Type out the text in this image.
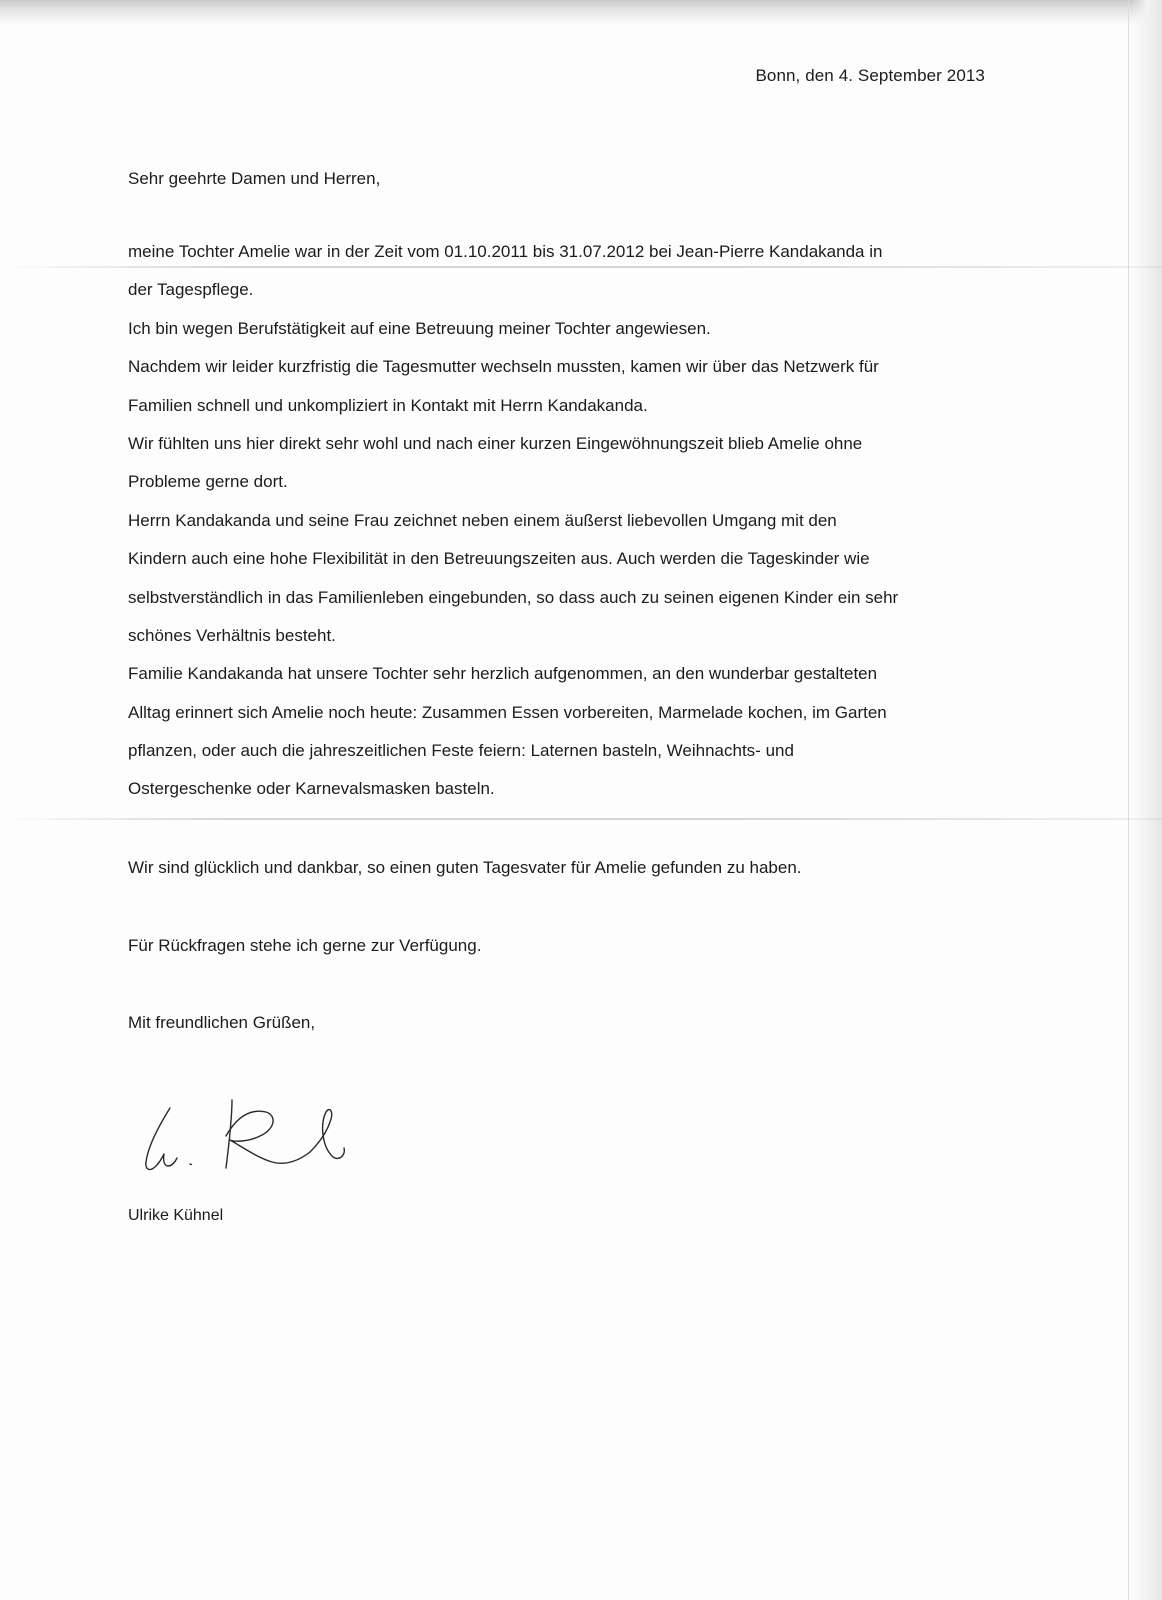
Bonn, den 4. September 2013
Sehr geehrte Damen und Herren,
meine Tochter Amelie war in der Zeit vom 01.10.2011 bis 31.07.2012 bei Jean-Pierre Kandakanda in
der Tagespflege.
Ich bin wegen Berufstätigkeit auf eine Betreuung meiner Tochter angewiesen.
Nachdem wir leider kurzfristig die Tagesmutter wechseln mussten, kamen wir über das Netzwerk für
Familien schnell und unkompliziert in Kontakt mit Herrn Kandakanda.
Wir fühlten uns hier direkt sehr wohl und nach einer kurzen Eingewöhnungszeit blieb Amelie ohne
Probleme gerne dort.
Herrn Kandakanda und seine Frau zeichnet neben einem äußerst liebevollen Umgang mit den
Kindern auch eine hohe Flexibilität in den Betreuungszeiten aus. Auch werden die Tageskinder wie
selbstverständlich in das Familienleben eingebunden, so dass auch zu seinen eigenen Kinder ein sehr
schönes Verhältnis besteht.
Familie Kandakanda hat unsere Tochter sehr herzlich aufgenommen, an den wunderbar gestalteten
Alltag erinnert sich Amelie noch heute: Zusammen Essen vorbereiten, Marmelade kochen, im Garten
pflanzen, oder auch die jahreszeitlichen Feste feiern: Laternen basteln, Weihnachts- und
Ostergeschenke oder Karnevalsmasken basteln.
Wir sind glücklich und dankbar, so einen guten Tagesvater für Amelie gefunden zu haben.
Für Rückfragen stehe ich gerne zur Verfügung.
Mit freundlichen Grüßen,
Ulrike Kühnel
